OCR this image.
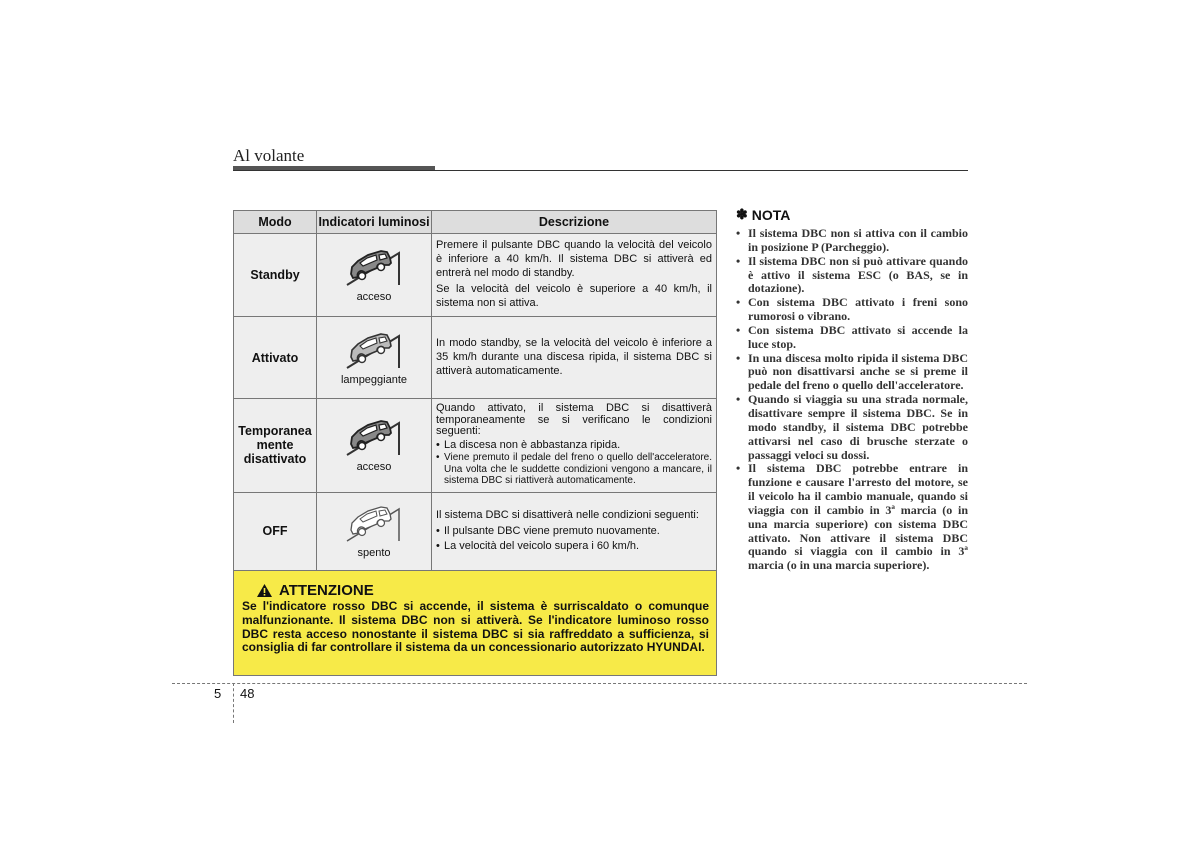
Al volante
Modo	Indicatori luminosi	Descrizione
Standby	acceso	Premere il pulsante DBC quando la velocità del veicolo è inferiore a 40 km/h. Il sistema DBC si attiverà ed entrerà nel modo di standby.

Se la velocità del veicolo è superiore a 40 km/h, il sistema non si attiva.

Attivato	lampeggiante	In modo standby, se la velocità del veicolo è inferiore a 35 km/h durante una discesa ripida, il sistema DBC si attiverà automaticamente.

Temporanea mente disattivato	acceso	Quando attivato, il sistema DBC si disattiverà temporaneamente se si verificano le condizioni seguenti:

• La discesa non è abbastanza ripida.
• Viene premuto il pedale del freno o quello dell'acceleratore. Una volta che le suddette condizioni vengono a mancare, il sistema DBC si riattiverà automaticamente.

OFF	spento	Il sistema DBC si disattiverà nelle condizioni seguenti:

• Il pulsante DBC viene premuto nuovamente.
• La velocità del veicolo supera i 60 km/h.
ATTENZIONE
Se l'indicatore rosso DBC si accende, il sistema è surriscaldato o comunque malfunzionante. Il sistema DBC non si attiverà. Se l'indicatore luminoso rosso DBC resta acceso nonostante il sistema DBC si sia raffreddato a sufficienza, si consiglia di far controllare il sistema da un concessionario autorizzato HYUNDAI.
✽ NOTA
• Il sistema DBC non si attiva con il cambio in posizione P (Parcheggio).
• Il sistema DBC non si può attivare quando è attivo il sistema ESC (o BAS, se in dotazione).
• Con sistema DBC attivato i freni sono rumorosi o vibrano.
• Con sistema DBC attivato si accende la luce stop.
• In una discesa molto ripida il sistema DBC può non disattivarsi anche se si preme il pedale del freno o quello dell'acceleratore.
• Quando si viaggia su una strada normale, disattivare sempre il sistema DBC. Se in modo standby, il sistema DBC potrebbe attivarsi nel caso di brusche sterzate o passaggi veloci su dossi.
• Il sistema DBC potrebbe entrare in funzione e causare l'arresto del motore, se il veicolo ha il cambio manuale, quando si viaggia con il cambio in 3ª marcia (o in una marcia superiore) con sistema DBC attivato. Non attivare il sistema DBC quando si viaggia con il cambio in 3ª marcia (o in una marcia superiore).
5 48
